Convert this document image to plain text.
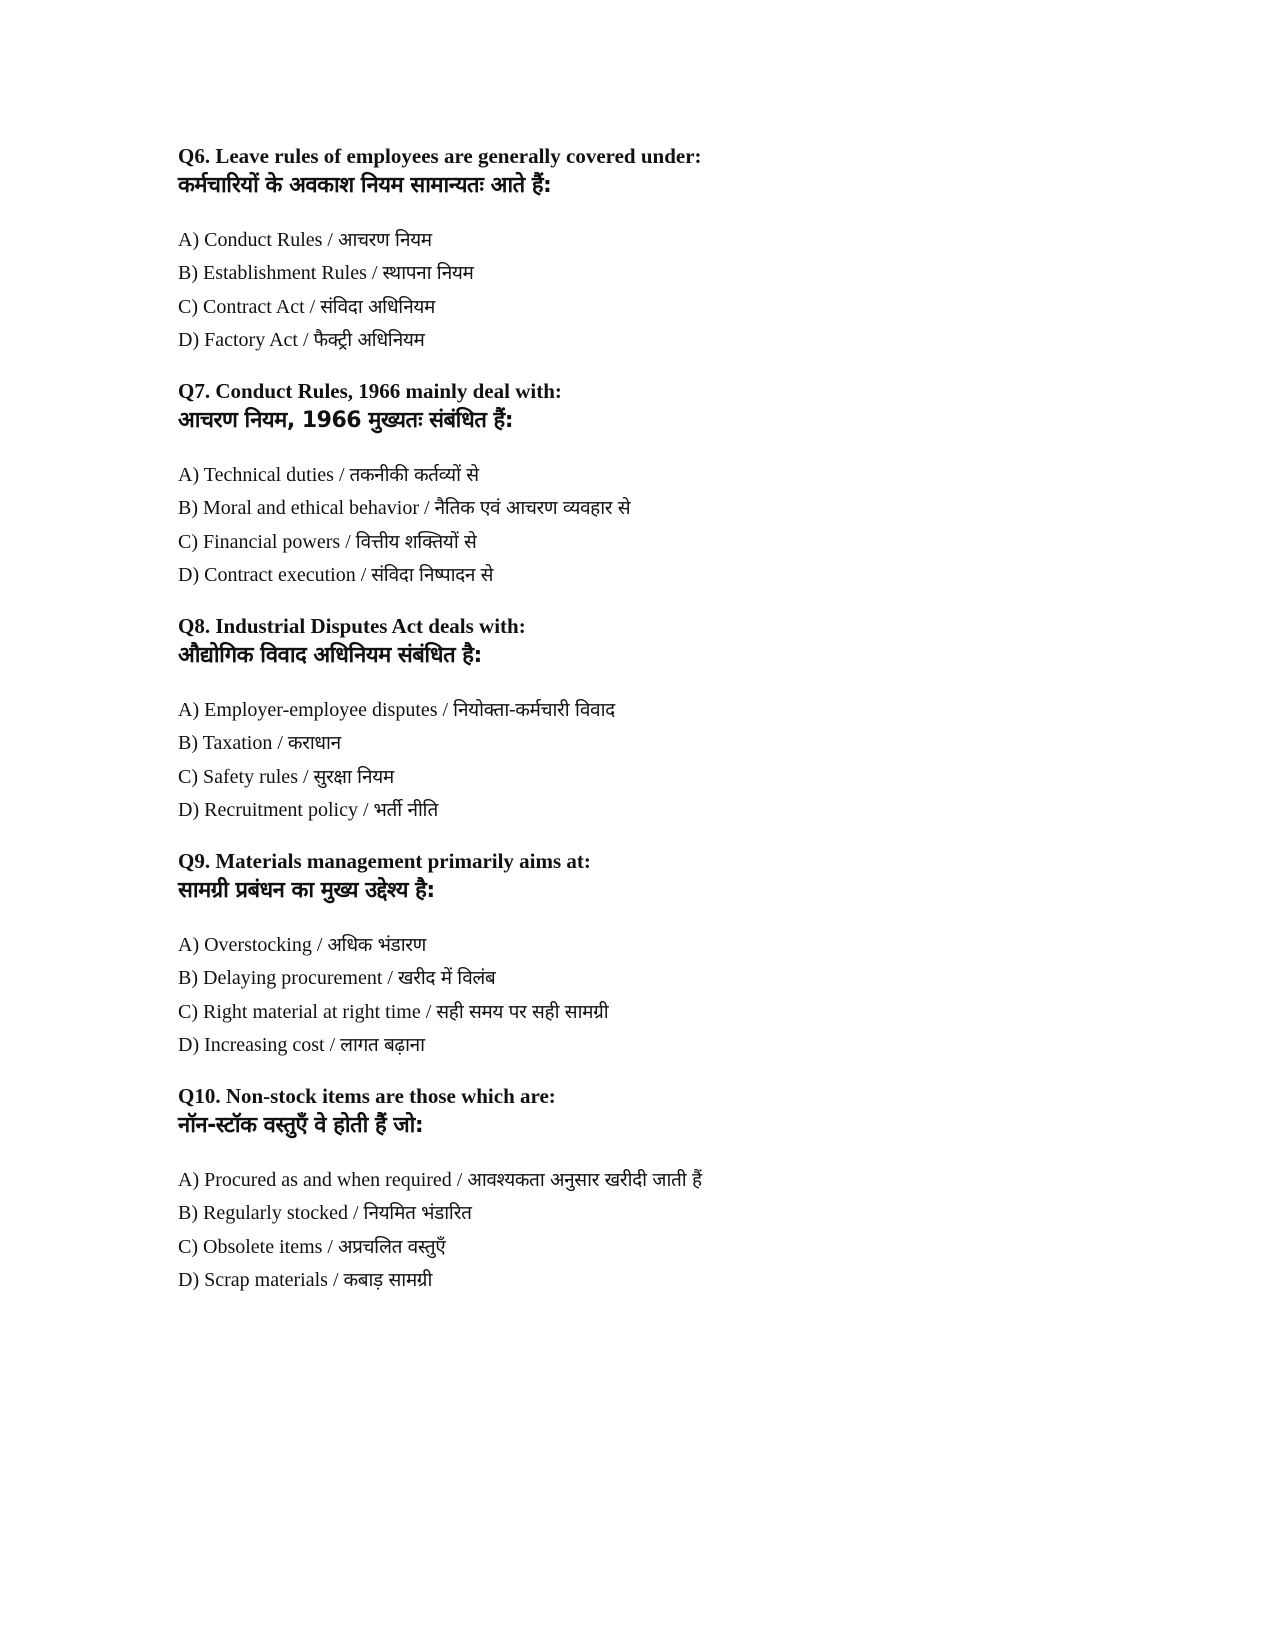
Q6. Leave rules of employees are generally covered under:
कर्मचारियों के अवकाश नियम सामान्यतः आते हैं:
A) Conduct Rules / आचरण नियम
B) Establishment Rules / स्थापना नियम
C) Contract Act / संविदा अधिनियम
D) Factory Act / फैक्ट्री अधिनियम
Q7. Conduct Rules, 1966 mainly deal with:
आचरण नियम, 1966 मुख्यतः संबंधित हैं:
A) Technical duties / तकनीकी कर्तव्यों से
B) Moral and ethical behavior / नैतिक एवं आचरण व्यवहार से
C) Financial powers / वित्तीय शक्तियों से
D) Contract execution / संविदा निष्पादन से
Q8. Industrial Disputes Act deals with:
औद्योगिक विवाद अधिनियम संबंधित है:
A) Employer-employee disputes / नियोक्ता-कर्मचारी विवाद
B) Taxation / कराधान
C) Safety rules / सुरक्षा नियम
D) Recruitment policy / भर्ती नीति
Q9. Materials management primarily aims at:
सामग्री प्रबंधन का मुख्य उद्देश्य है:
A) Overstocking / अधिक भंडारण
B) Delaying procurement / खरीद में विलंब
C) Right material at right time / सही समय पर सही सामग्री
D) Increasing cost / लागत बढ़ाना
Q10. Non-stock items are those which are:
नॉन-स्टॉक वस्तुएँ वे होती हैं जो:
A) Procured as and when required / आवश्यकता अनुसार खरीदी जाती हैं
B) Regularly stocked / नियमित भंडारित
C) Obsolete items / अप्रचलित वस्तुएँ
D) Scrap materials / कबाड़ सामग्री
